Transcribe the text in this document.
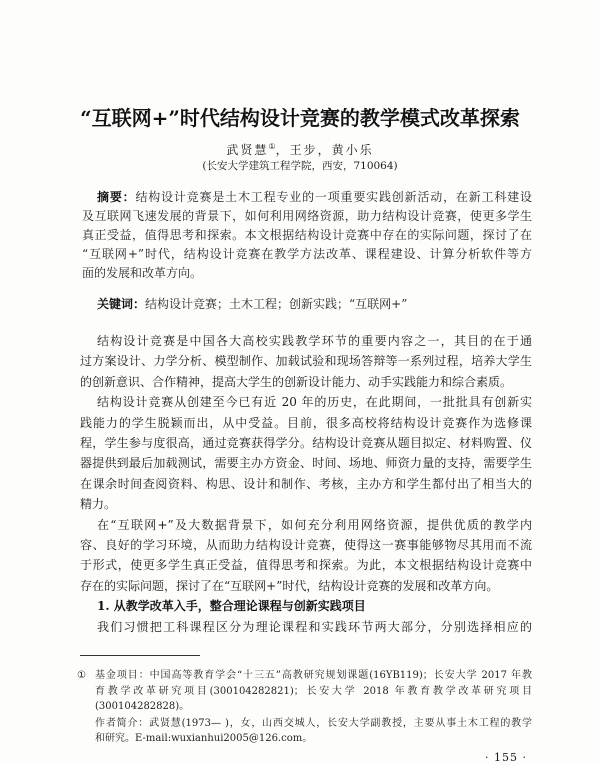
“互联网+”时代结构设计竞赛的教学模式改革探索
武贤慧①，王步，黄小乐
(长安大学建筑工程学院，西安，710064)
摘要：结构设计竞赛是土木工程专业的一项重要实践创新活动，在新工科建设
及互联网飞速发展的背景下，如何利用网络资源，助力结构设计竞赛，使更多学生
真正受益，值得思考和探索。本文根据结构设计竞赛中存在的实际问题，探讨了在
“互联网+”时代，结构设计竞赛在教学方法改革、课程建设、计算分析软件等方
面的发展和改革方向。
关键词：结构设计竞赛；土木工程；创新实践；“互联网+”
结构设计竞赛是中国各大高校实践教学环节的重要内容之一，其目的在于通
过方案设计、力学分析、模型制作、加载试验和现场答辩等一系列过程，培养大学生
的创新意识、合作精神，提高大学生的创新设计能力、动手实践能力和综合素质。
结构设计竞赛从创建至今已有近 20 年的历史，在此期间，一批批具有创新实
践能力的学生脱颖而出，从中受益。目前，很多高校将结构设计竞赛作为选修课
程，学生参与度很高，通过竞赛获得学分。结构设计竞赛从题目拟定、材料购置、仪
器提供到最后加载测试，需要主办方资金、时间、场地、师资力量的支持，需要学生
在课余时间查阅资料、构思、设计和制作、考核，主办方和学生都付出了相当大的
精力。
在“互联网+”及大数据背景下，如何充分利用网络资源，提供优质的教学内
容、良好的学习环境，从而助力结构设计竞赛，使得这一赛事能够物尽其用而不流
于形式，使更多学生真正受益，值得思考和探索。为此，本文根据结构设计竞赛中
存在的实际问题，探讨了在“互联网+”时代，结构设计竞赛的发展和改革方向。
1. 从教学改革入手，整合理论课程与创新实践项目
我们习惯把工科课程区分为理论课程和实践环节两大部分，分别选择相应的
① 基金项目：中国高等教育学会“十三五”高教研究规划课题(16YB119)；长安大学 2017 年教
育教学改革研究项目(300104282821)；长安大学 2018 年教育教学改革研究项目
(300104282828)。
作者简介：武贤慧(1973— )，女，山西交城人，长安大学副教授，主要从事土木工程的教学
和研究。E-mail:wuxianhui2005@126.com。
· 155 ·
